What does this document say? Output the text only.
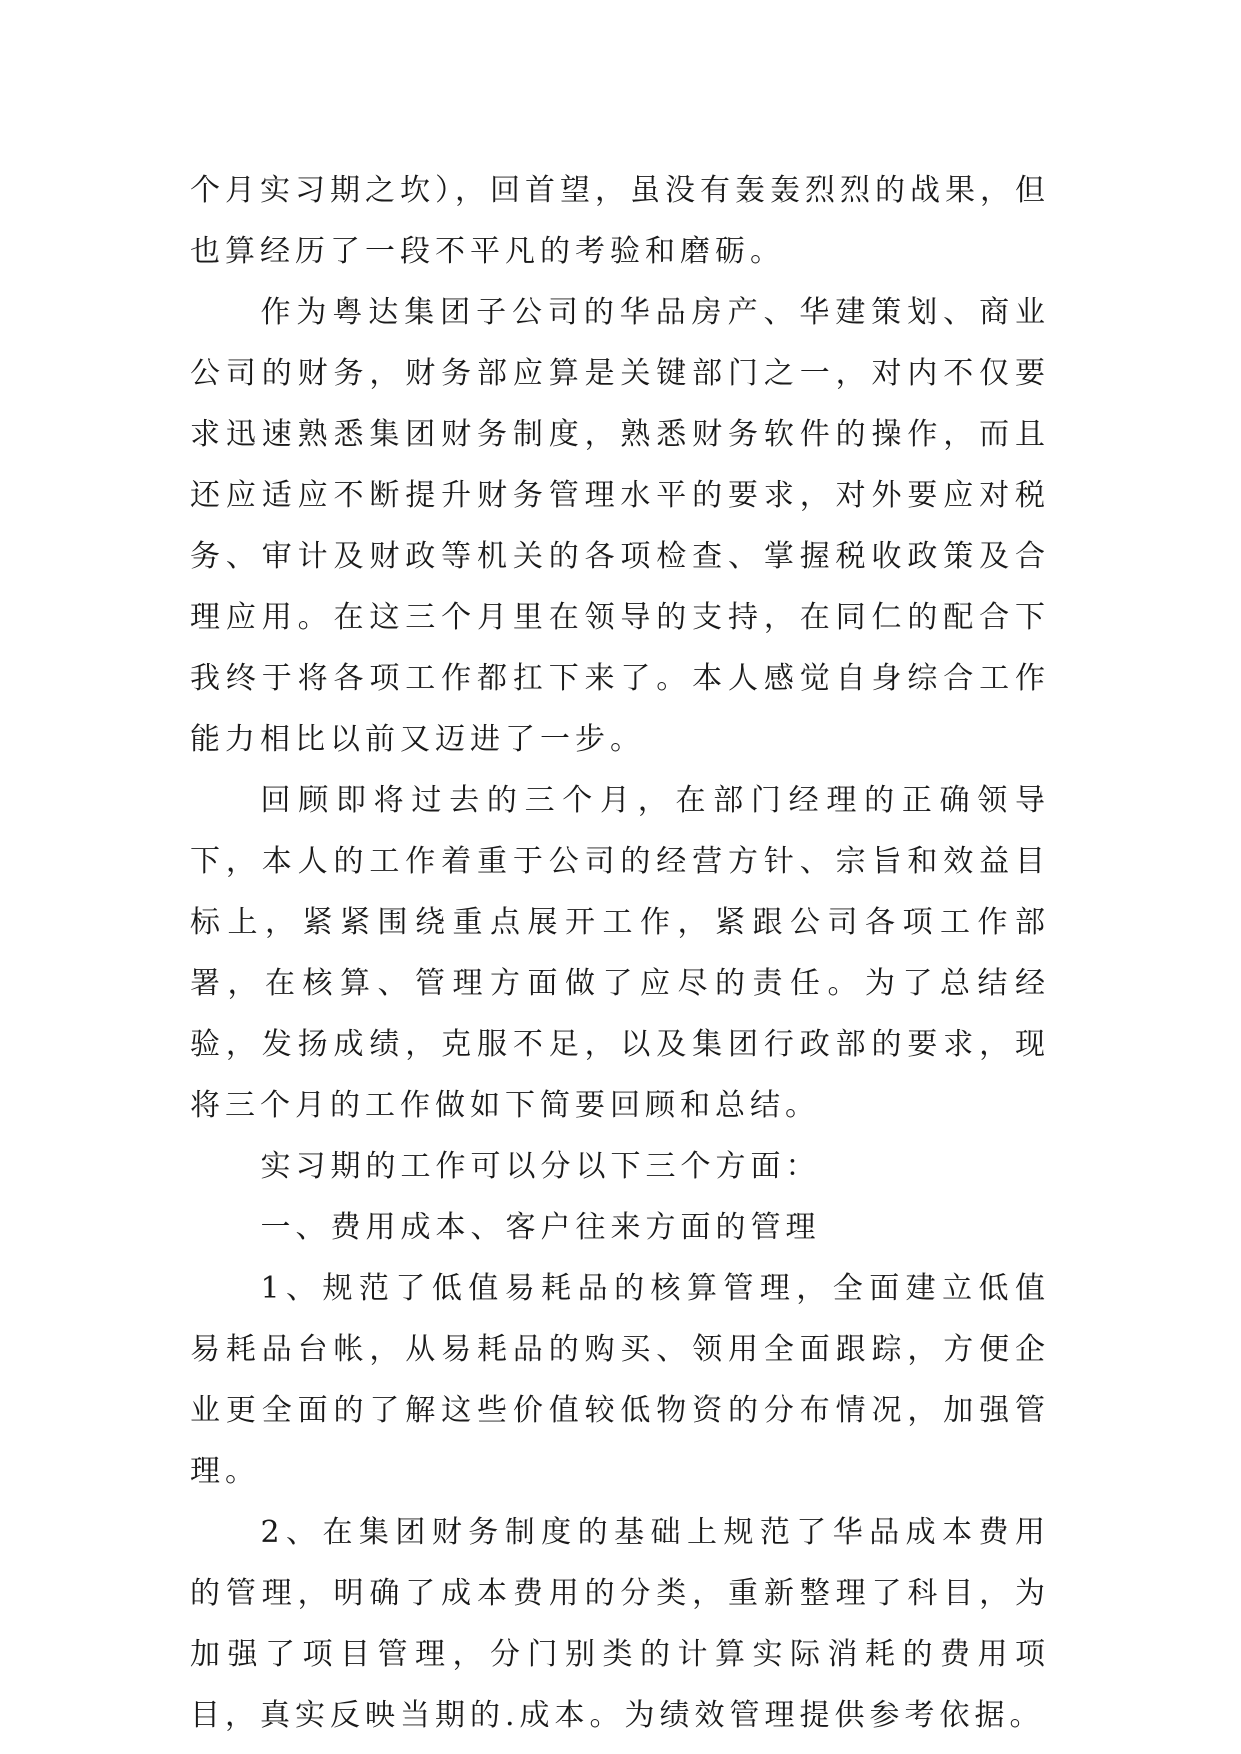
个月实习期之坎），回首望，虽没有轰轰烈烈的战果，但也算经历了一段不平凡的考验和磨砺。

作为粤达集团子公司的华品房产、华建策划、商业公司的财务，财务部应算是关键部门之一，对内不仅要求迅速熟悉集团财务制度，熟悉财务软件的操作，而且还应适应不断提升财务管理水平的要求，对外要应对税务、审计及财政等机关的各项检查、掌握税收政策及合理应用。在这三个月里在领导的支持，在同仁的配合下我终于将各项工作都扛下来了。本人感觉自身综合工作能力相比以前又迈进了一步。

回顾即将过去的三个月，在部门经理的正确领导下，本人的工作着重于公司的经营方针、宗旨和效益目标上，紧紧围绕重点展开工作，紧跟公司各项工作部署，在核算、管理方面做了应尽的责任。为了总结经验，发扬成绩，克服不足，以及集团行政部的要求，现将三个月的工作做如下简要回顾和总结。

实习期的工作可以分以下三个方面：

一、费用成本、客户往来方面的管理

1、规范了低值易耗品的核算管理，全面建立低值易耗品台帐，从易耗品的购买、领用全面跟踪，方便企业更全面的了解这些价值较低物资的分布情况，加强管理。

2、在集团财务制度的基础上规范了华品成本费用的管理，明确了成本费用的分类，重新整理了科目，为加强了项目管理，分门别类的计算实际消耗的费用项目，真实反映当期的.成本。为绩效管理提供参考依据。
